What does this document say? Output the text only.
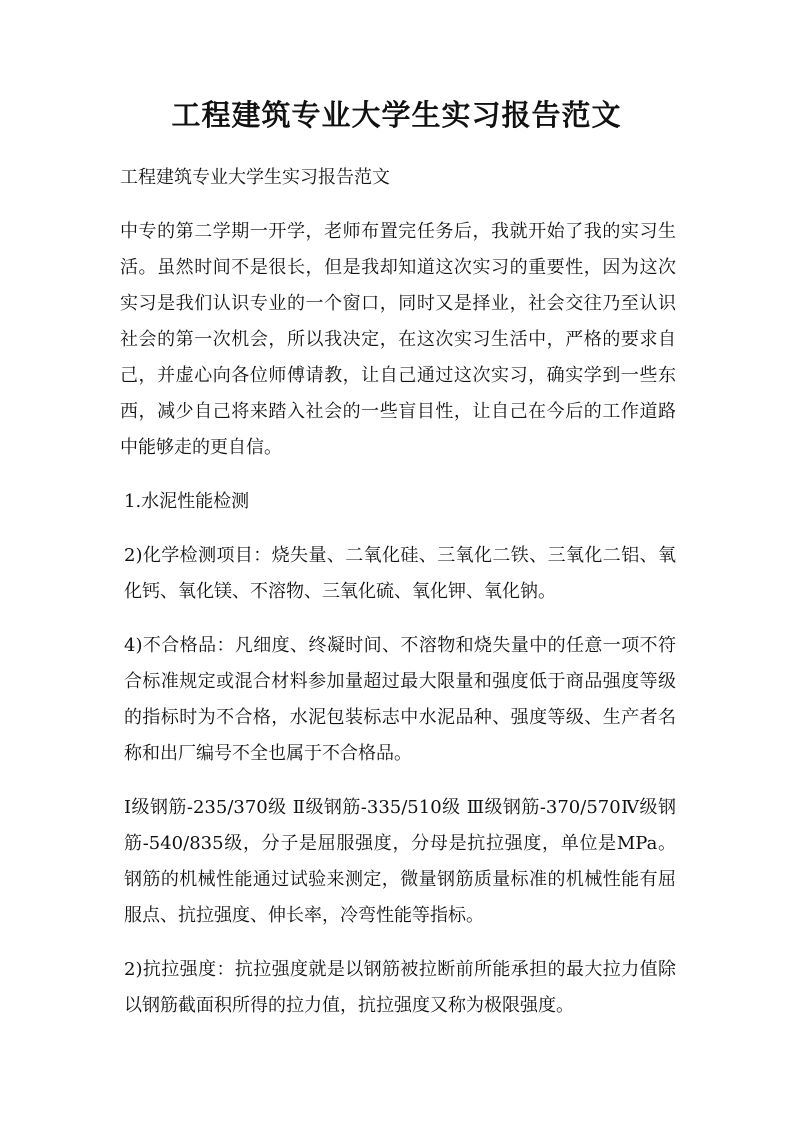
工程建筑专业大学生实习报告范文

工程建筑专业大学生实习报告范文

中专的第二学期一开学，老师布置完任务后，我就开始了我的实习生活。虽然时间不是很长，但是我却知道这次实习的重要性，因为这次实习是我们认识专业的一个窗口，同时又是择业，社会交往乃至认识社会的第一次机会，所以我决定，在这次实习生活中，严格的要求自己，并虚心向各位师傅请教，让自己通过这次实习，确实学到一些东西，减少自己将来踏入社会的一些盲目性，让自己在今后的工作道路中能够走的更自信。

1.水泥性能检测

2)化学检测项目：烧失量、二氧化硅、三氧化二铁、三氧化二铝、氧化钙、氧化镁、不溶物、三氧化硫、氧化钾、氧化钠。

4)不合格品：凡细度、终凝时间、不溶物和烧失量中的任意一项不符合标准规定或混合材料参加量超过最大限量和强度低于商品强度等级的指标时为不合格，水泥包装标志中水泥品种、强度等级、生产者名称和出厂编号不全也属于不合格品。

Ⅰ级钢筋-235/370级 Ⅱ级钢筋-335/510级 Ⅲ级钢筋-370/570Ⅳ级钢筋-540/835级，分子是屈服强度，分母是抗拉强度，单位是MPa。钢筋的机械性能通过试验来测定，微量钢筋质量标准的机械性能有屈服点、抗拉强度、伸长率，冷弯性能等指标。

2)抗拉强度：抗拉强度就是以钢筋被拉断前所能承担的最大拉力值除以钢筋截面积所得的拉力值，抗拉强度又称为极限强度。
